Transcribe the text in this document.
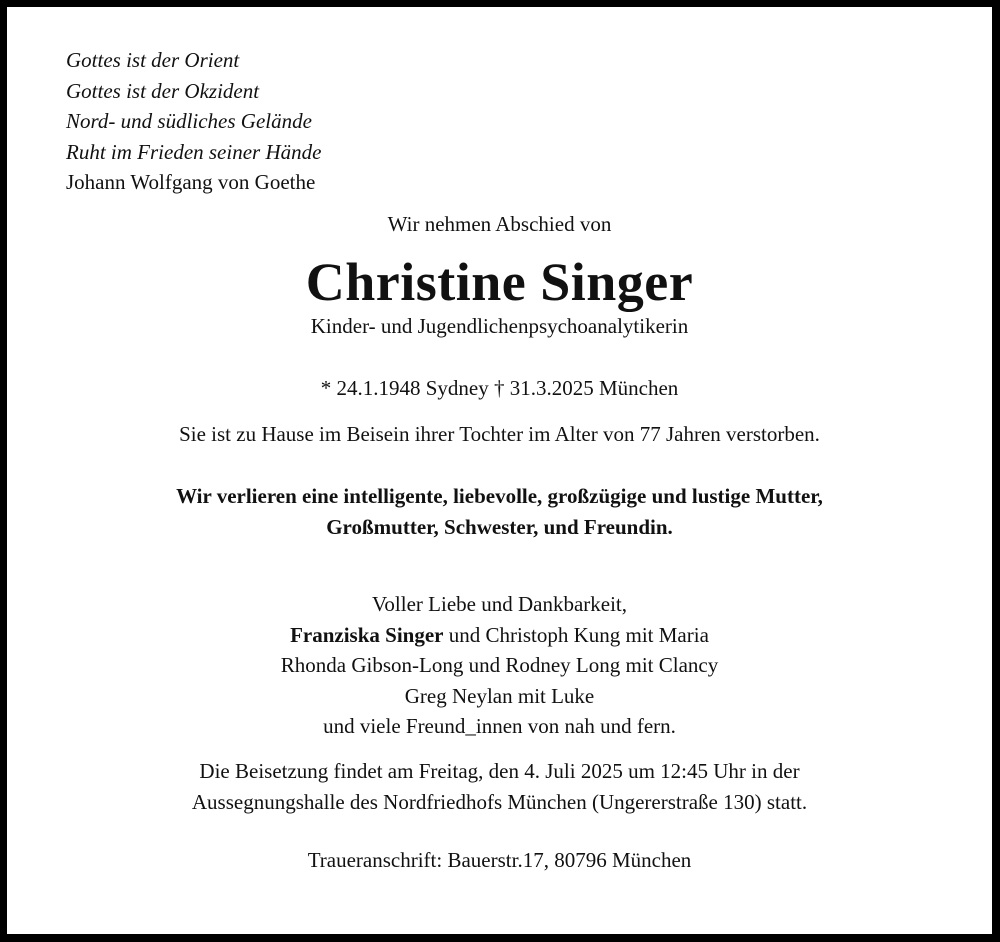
Gottes ist der Orient
Gottes ist der Okzident
Nord- und südliches Gelände
Ruht im Frieden seiner Hände
Johann Wolfgang von Goethe
Wir nehmen Abschied von
Christine Singer
Kinder- und Jugendlichenpsychoanalytikerin
* 24.1.1948 Sydney † 31.3.2025 München
Sie ist zu Hause im Beisein ihrer Tochter im Alter von 77 Jahren verstorben.
Wir verlieren eine intelligente, liebevolle, großzügige und lustige Mutter,
Großmutter, Schwester, und Freundin.
Voller Liebe und Dankbarkeit,
Franziska Singer und Christoph Kung mit Maria
Rhonda Gibson-Long und Rodney Long mit Clancy
Greg Neylan mit Luke
und viele Freund_innen von nah und fern.
Die Beisetzung findet am Freitag, den 4. Juli 2025 um 12:45 Uhr in der
Aussegnungshalle des Nordfriedhofs München (Ungererstraße 130) statt.
Traueranschrift: Bauerstr.17, 80796 München
